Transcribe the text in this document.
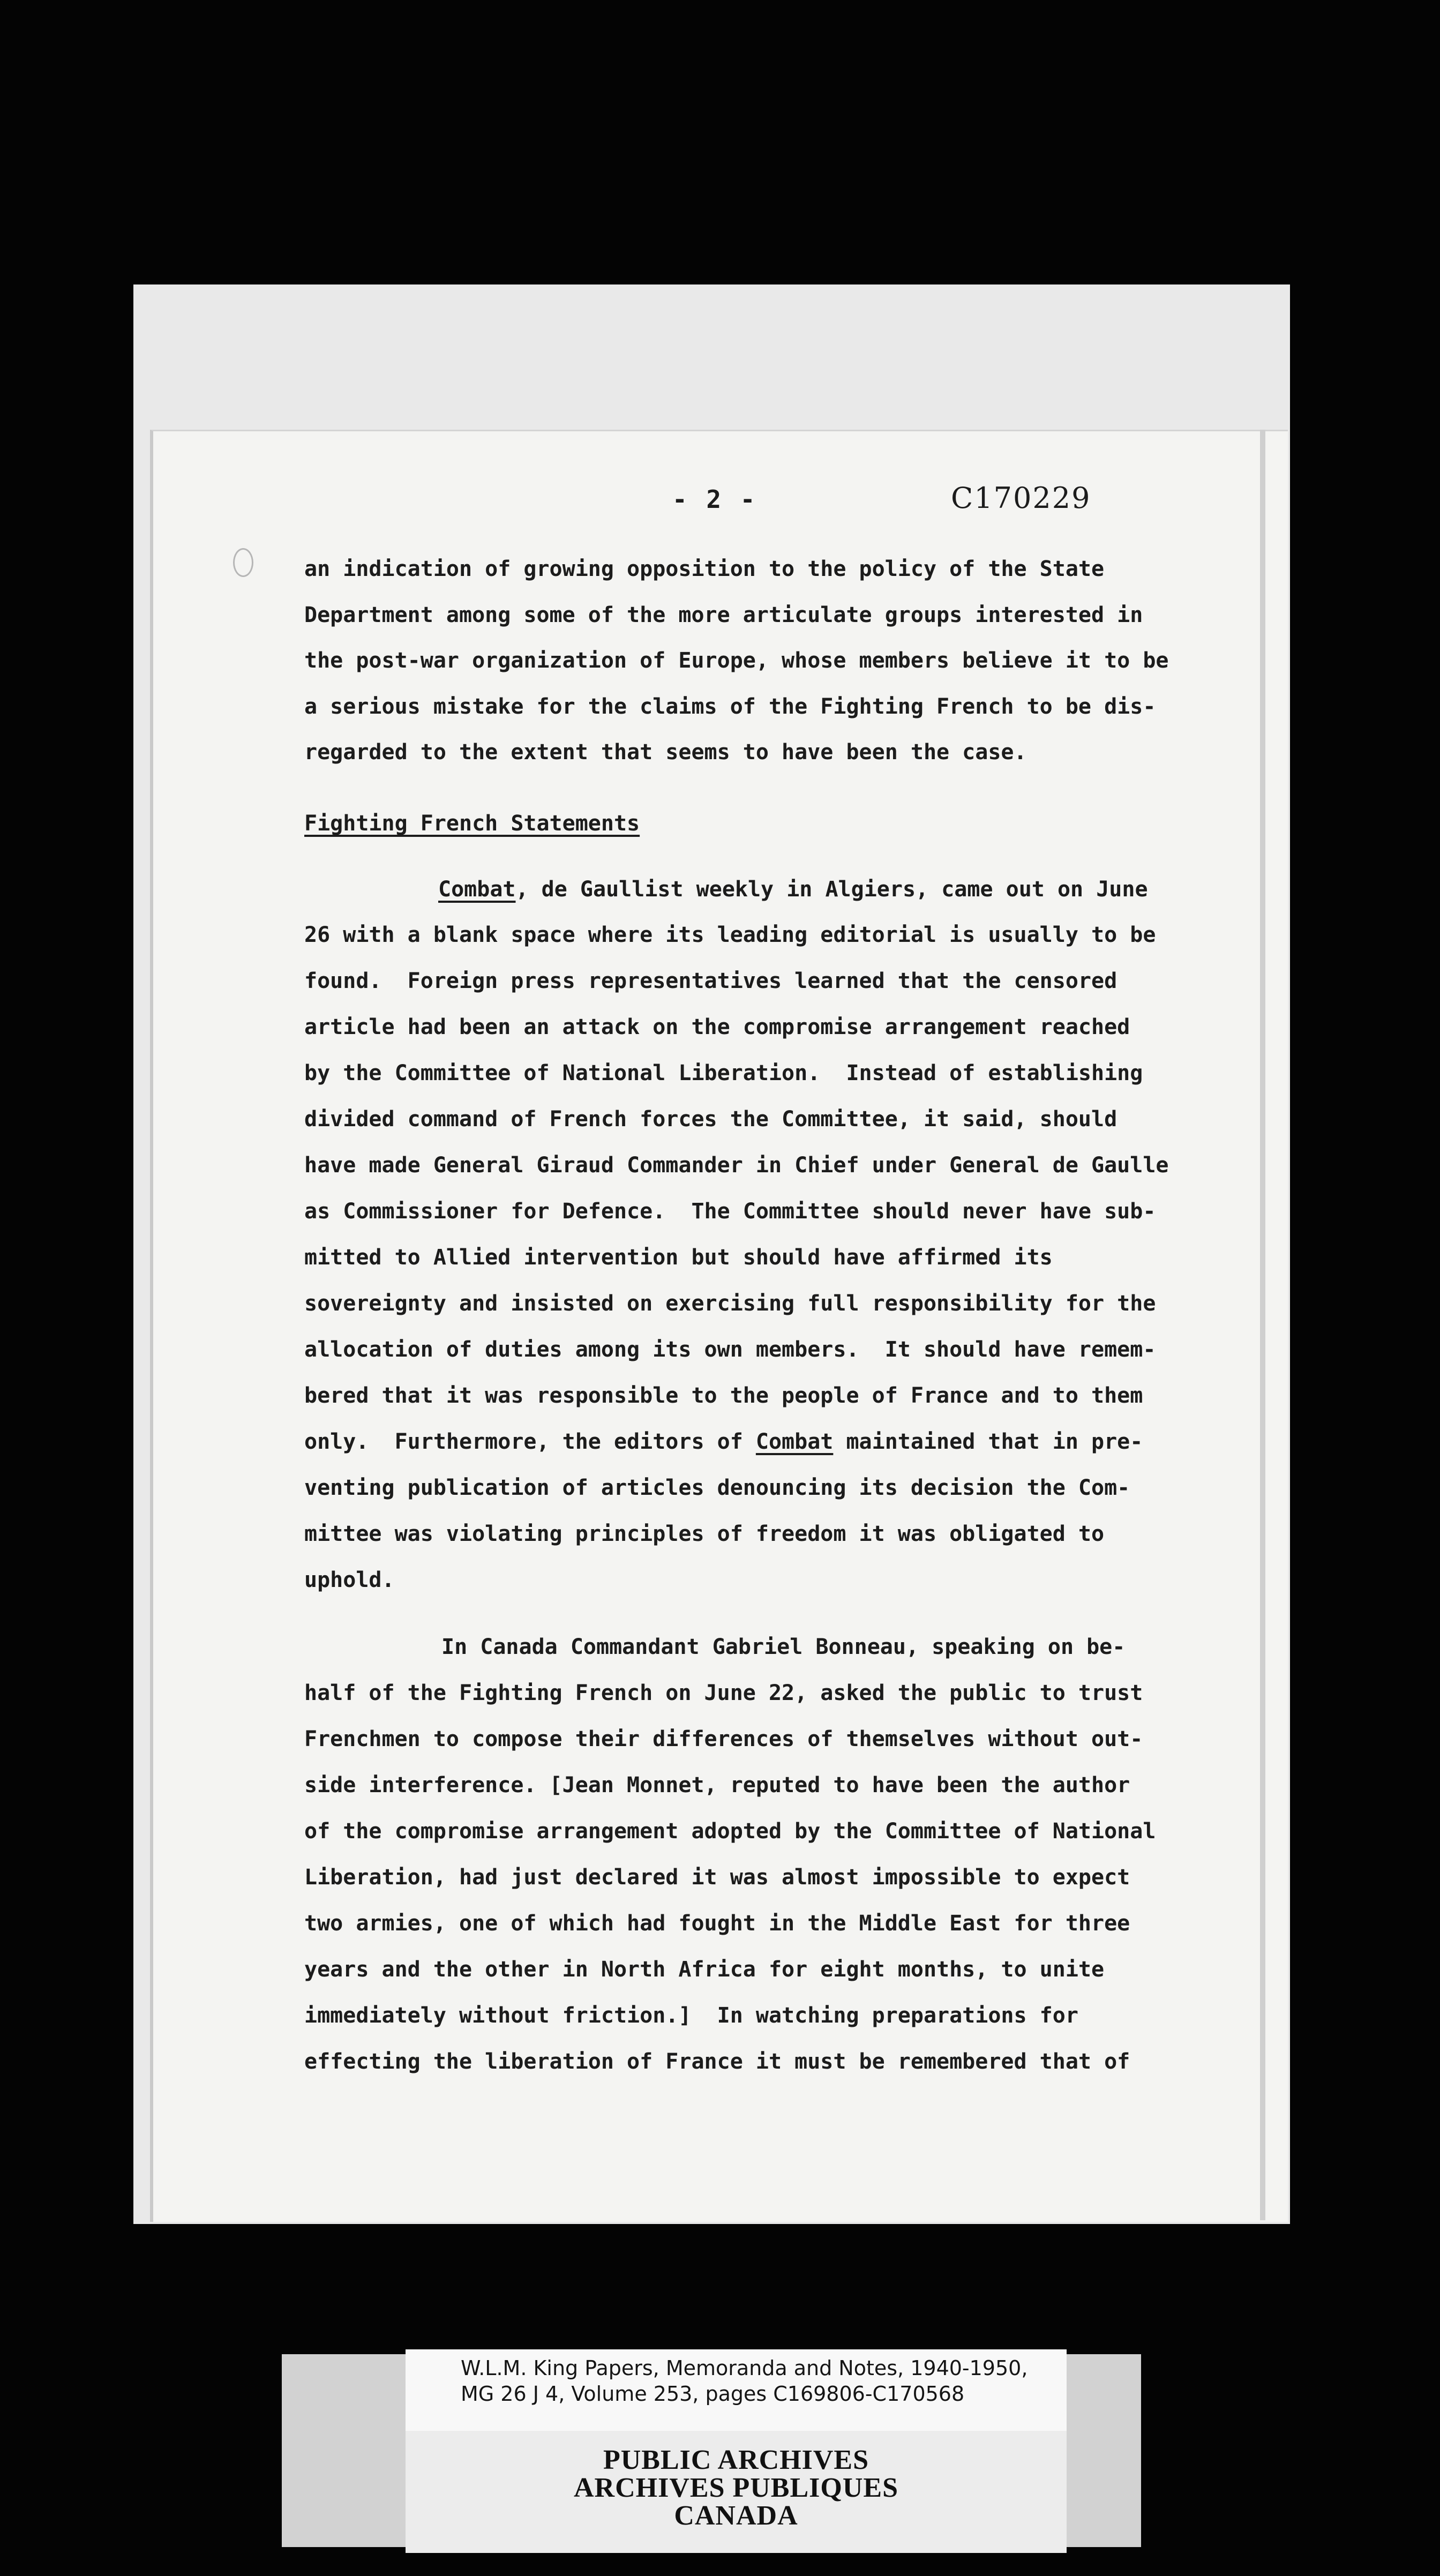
- 2 -	C170229
an indication of growing opposition to the policy of the State
Department among some of the more articulate groups interested in
the post-war organization of Europe, whose members believe it to be
a serious mistake for the claims of the Fighting French to be dis-
regarded to the extent that seems to have been the case.
Fighting French Statements
Combat, de Gaullist weekly in Algiers, came out on June
26 with a blank space where its leading editorial is usually to be
found.  Foreign press representatives learned that the censored
article had been an attack on the compromise arrangement reached
by the Committee of National Liberation.  Instead of establishing
divided command of French forces the Committee, it said, should
have made General Giraud Commander in Chief under General de Gaulle
as Commissioner for Defence.  The Committee should never have sub-
mitted to Allied intervention but should have affirmed its
sovereignty and insisted on exercising full responsibility for the
allocation of duties among its own members.  It should have remem-
bered that it was responsible to the people of France and to them
only.  Furthermore, the editors of Combat maintained that in pre-
venting publication of articles denouncing its decision the Com-
mittee was violating principles of freedom it was obligated to
uphold.
In Canada Commandant Gabriel Bonneau, speaking on be-
half of the Fighting French on June 22, asked the public to trust
Frenchmen to compose their differences of themselves without out-
side interference. [Jean Monnet, reputed to have been the author
of the compromise arrangement adopted by the Committee of National
Liberation, had just declared it was almost impossible to expect
two armies, one of which had fought in the Middle East for three
years and the other in North Africa for eight months, to unite
immediately without friction.]  In watching preparations for
effecting the liberation of France it must be remembered that of
W.L.M. King Papers, Memoranda and Notes, 1940-1950,
MG 26 J 4, Volume 253, pages C169806-C170568
PUBLIC ARCHIVES
ARCHIVES PUBLIQUES
CANADA
